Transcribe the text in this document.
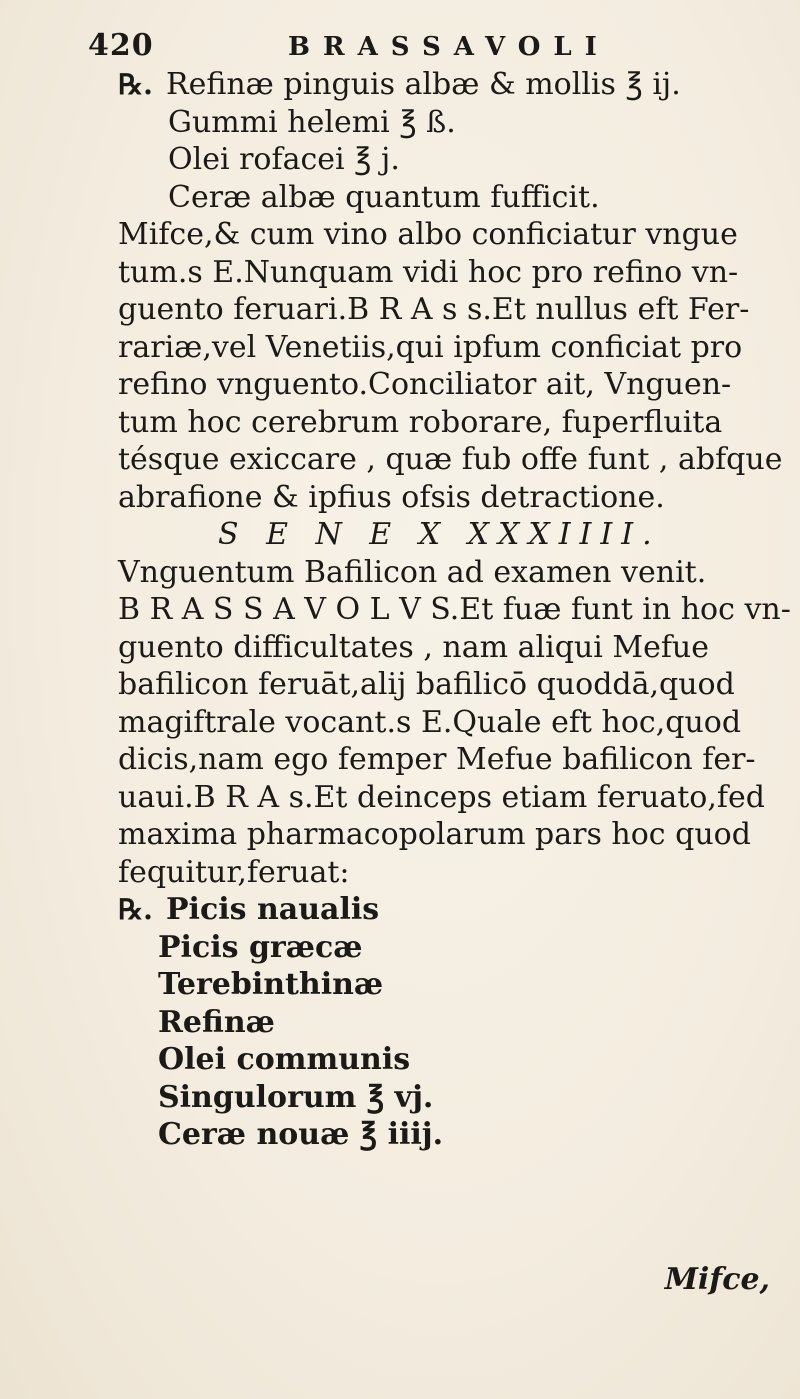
420	BRASSAVOLI
℞. Refinæ pinguis albæ & mollis ℥ ij.
Gummi helemi ℥ ß.
Olei rofacei ℥ j.
Ceræ albæ quantum fufficit.
Mifce,& cum vino albo conficiatur vngue
tum.s E.Nunquam vidi hoc pro refino vn-
guento feruari.B R A s s.Et nullus eft Fer-
rariæ,vel Venetiis,qui ipfum conficiat pro
refino vnguento.Conciliator ait, Vnguen-
tum hoc cerebrum roborare, fuperfluita
tésque exiccare , quæ fub offe funt , abfque
abrafione & ipfius ofsis detractione.
S E N E X XXXIIII.
Vnguentum Bafilicon ad examen venit.
B R A S S A V O L V S.Et fuæ funt in hoc vn-
guento difficultates , nam aliqui Mefue
bafilicon feruāt,alij bafilicō quoddā,quod
magiftrale vocant.s E.Quale eft hoc,quod
dicis,nam ego femper Mefue bafilicon fer-
uaui.B R A s.Et deinceps etiam feruato,fed
maxima pharmacopolarum pars hoc quod
fequitur,feruat:
℞. Picis naualis
Picis græcæ
Terebinthinæ
Refinæ
Olei communis
Singulorum ℥ vj.
Ceræ nouæ ℥ iiij.
Mifce,
